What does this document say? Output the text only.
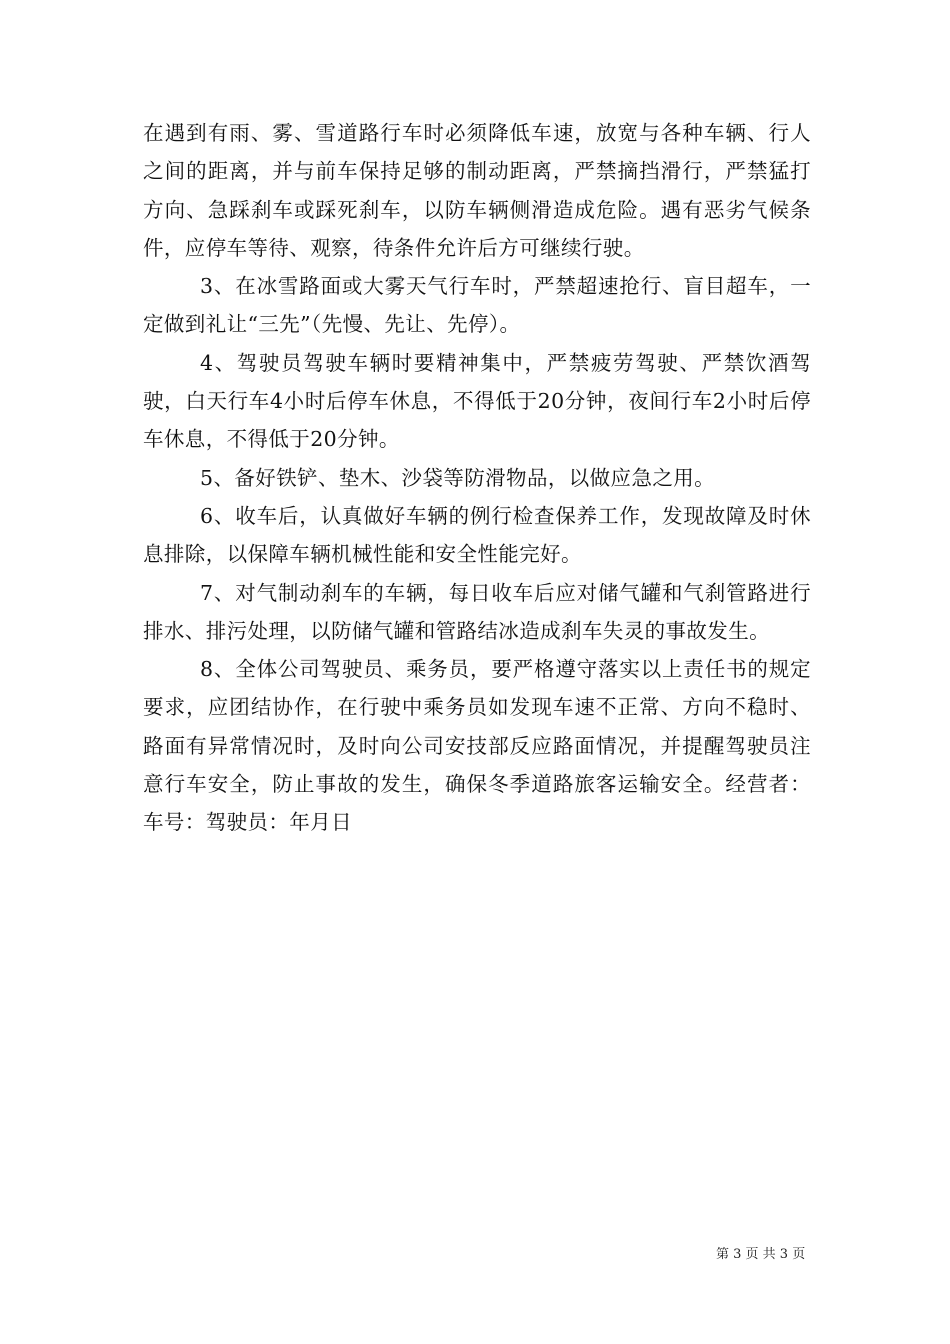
在遇到有雨、雾、雪道路行车时必须降低车速，放宽与各种车辆、行人之间的距离，并与前车保持足够的制动距离，严禁摘挡滑行，严禁猛打方向、急踩刹车或踩死刹车，以防车辆侧滑造成危险。遇有恶劣气候条件，应停车等待、观察，待条件允许后方可继续行驶。

3、在冰雪路面或大雾天气行车时，严禁超速抢行、盲目超车，一定做到礼让“三先”（先慢、先让、先停）。

4、驾驶员驾驶车辆时要精神集中，严禁疲劳驾驶、严禁饮酒驾驶，白天行车4小时后停车休息，不得低于20分钟，夜间行车2小时后停车休息，不得低于20分钟。

5、备好铁铲、垫木、沙袋等防滑物品，以做应急之用。

6、收车后，认真做好车辆的例行检查保养工作，发现故障及时休息排除，以保障车辆机械性能和安全性能完好。

7、对气制动刹车的车辆，每日收车后应对储气罐和气刹管路进行排水、排污处理，以防储气罐和管路结冰造成刹车失灵的事故发生。

8、全体公司驾驶员、乘务员，要严格遵守落实以上责任书的规定要求，应团结协作，在行驶中乘务员如发现车速不正常、方向不稳时、路面有异常情况时，及时向公司安技部反应路面情况，并提醒驾驶员注意行车安全，防止事故的发生，确保冬季道路旅客运输安全。经营者：车号：驾驶员：年月日

第 3 页 共 3 页
